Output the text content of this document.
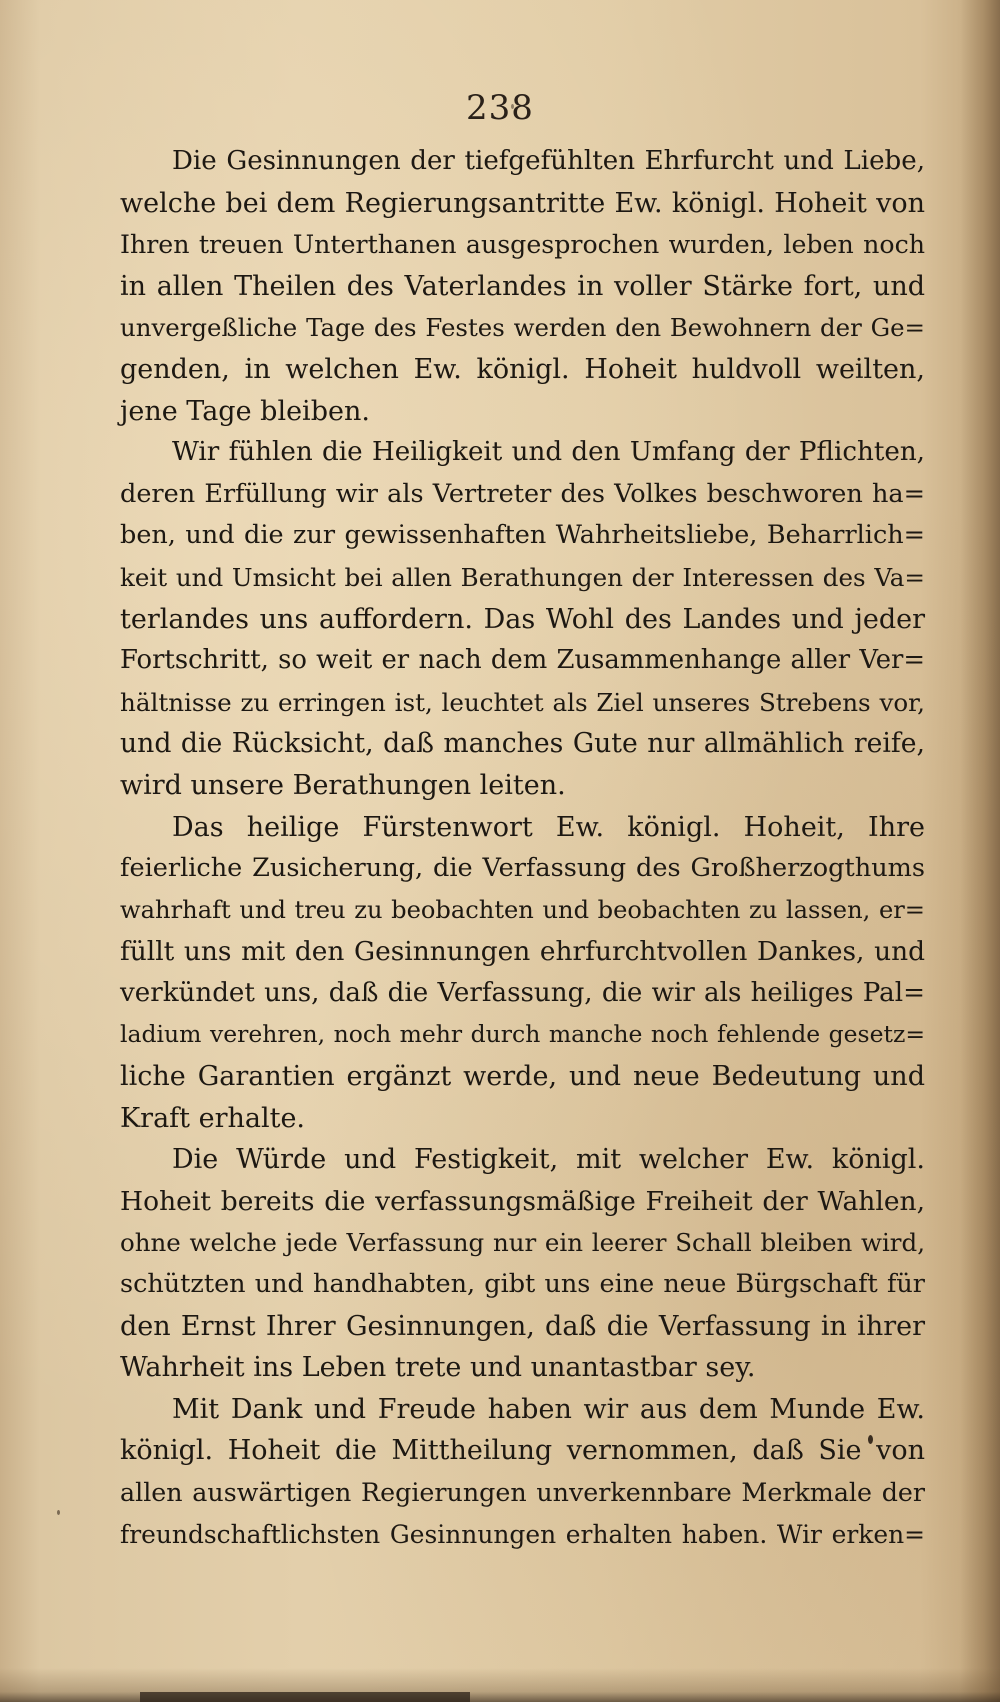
238
Die Gesinnungen der tiefgefühlten Ehrfurcht und Liebe,
welche bei dem Regierungsantritte Ew. königl. Hoheit von
Ihren treuen Unterthanen ausgesprochen wurden, leben noch
in allen Theilen des Vaterlandes in voller Stärke fort, und
unvergeßliche Tage des Festes werden den Bewohnern der Ge=
genden, in welchen Ew. königl. Hoheit huldvoll weilten,
jene Tage bleiben.
Wir fühlen die Heiligkeit und den Umfang der Pflichten,
deren Erfüllung wir als Vertreter des Volkes beschworen ha=
ben, und die zur gewissenhaften Wahrheitsliebe, Beharrlich=
keit und Umsicht bei allen Berathungen der Interessen des Va=
terlandes uns auffordern. Das Wohl des Landes und jeder
Fortschritt, so weit er nach dem Zusammenhange aller Ver=
hältnisse zu erringen ist, leuchtet als Ziel unseres Strebens vor,
und die Rücksicht, daß manches Gute nur allmählich reife,
wird unsere Berathungen leiten.
Das heilige Fürstenwort Ew. königl. Hoheit, Ihre
feierliche Zusicherung, die Verfassung des Großherzogthums
wahrhaft und treu zu beobachten und beobachten zu lassen, er=
füllt uns mit den Gesinnungen ehrfurchtvollen Dankes, und
verkündet uns, daß die Verfassung, die wir als heiliges Pal=
ladium verehren, noch mehr durch manche noch fehlende gesetz=
liche Garantien ergänzt werde, und neue Bedeutung und
Kraft erhalte.
Die Würde und Festigkeit, mit welcher Ew. königl.
Hoheit bereits die verfassungsmäßige Freiheit der Wahlen,
ohne welche jede Verfassung nur ein leerer Schall bleiben wird,
schützten und handhabten, gibt uns eine neue Bürgschaft für
den Ernst Ihrer Gesinnungen, daß die Verfassung in ihrer
Wahrheit ins Leben trete und unantastbar sey.
Mit Dank und Freude haben wir aus dem Munde Ew.
königl. Hoheit die Mittheilung vernommen, daß Sie von
allen auswärtigen Regierungen unverkennbare Merkmale der
freundschaftlichsten Gesinnungen erhalten haben. Wir erken=
